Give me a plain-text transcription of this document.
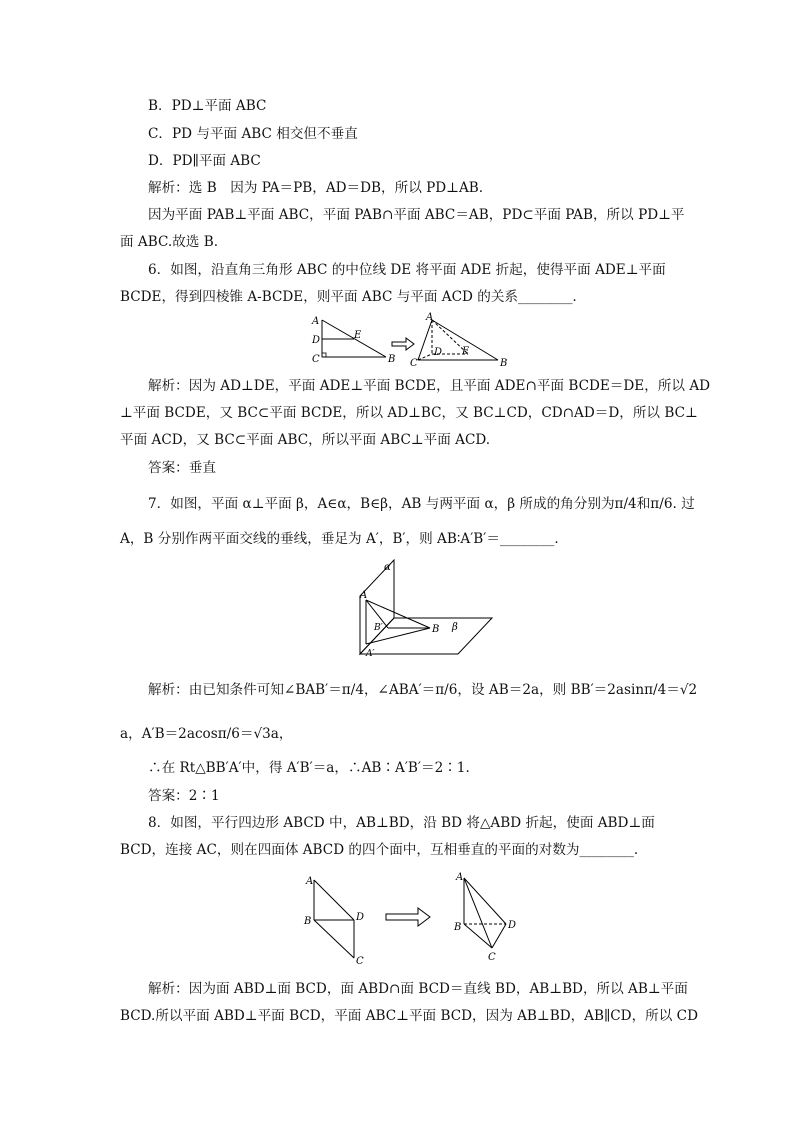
B．PD⊥平面 ABC
C．PD 与平面 ABC 相交但不垂直
D．PD∥平面 ABC
解析：选 B　因为 PA＝PB，AD＝DB，所以 PD⊥AB.
因为平面 PAB⊥平面 ABC，平面 PAB∩平面 ABC＝AB，PD⊂平面 PAB，所以 PD⊥平
面 ABC.故选 B.
6．如图，沿直角三角形 ABC 的中位线 DE 将平面 ADE 折起，使得平面 ADE⊥平面
BCDE，得到四棱锥 A-BCDE，则平面 ABC 与平面 ACD 的关系________.
解析：因为 AD⊥DE，平面 ADE⊥平面 BCDE，且平面 ADE∩平面 BCDE＝DE，所以 AD
⊥平面 BCDE，又 BC⊂平面 BCDE，所以 AD⊥BC，又 BC⊥CD，CD∩AD＝D，所以 BC⊥
平面 ACD，又 BC⊂平面 ABC，所以平面 ABC⊥平面 ACD.
答案：垂直
7．如图，平面 α⊥平面 β，A∈α，B∈β，AB 与两平面 α，β 所成的角分别为π/4和π/6. 过
A，B 分别作两平面交线的垂线，垂足为 A′，B′，则 AB∶A′B′＝________.
解析：由已知条件可知∠BAB′＝π/4，∠ABA′＝π/6，设 AB＝2a，则 BB′＝2asinπ/4＝√2
a，A′B＝2acosπ/6＝√3a，
∴在 Rt△BB′A′中，得 A′B′＝a，∴AB∶A′B′＝2∶1.
答案：2∶1
8．如图，平行四边形 ABCD 中，AB⊥BD，沿 BD 将△ABD 折起，使面 ABD⊥面
BCD，连接 AC，则在四面体 ABCD 的四个面中，互相垂直的平面的对数为________.
解析：因为面 ABD⊥面 BCD，面 ABD∩面 BCD＝直线 BD，AB⊥BD，所以 AB⊥平面
BCD.所以平面 ABD⊥平面 BCD，平面 ABC⊥平面 BCD，因为 AB⊥BD，AB∥CD，所以 CD
A
D	E
C	B
A
D E
C	B
α
β
A
B
B′
A′
A
B	D
C
A
B	D
C
